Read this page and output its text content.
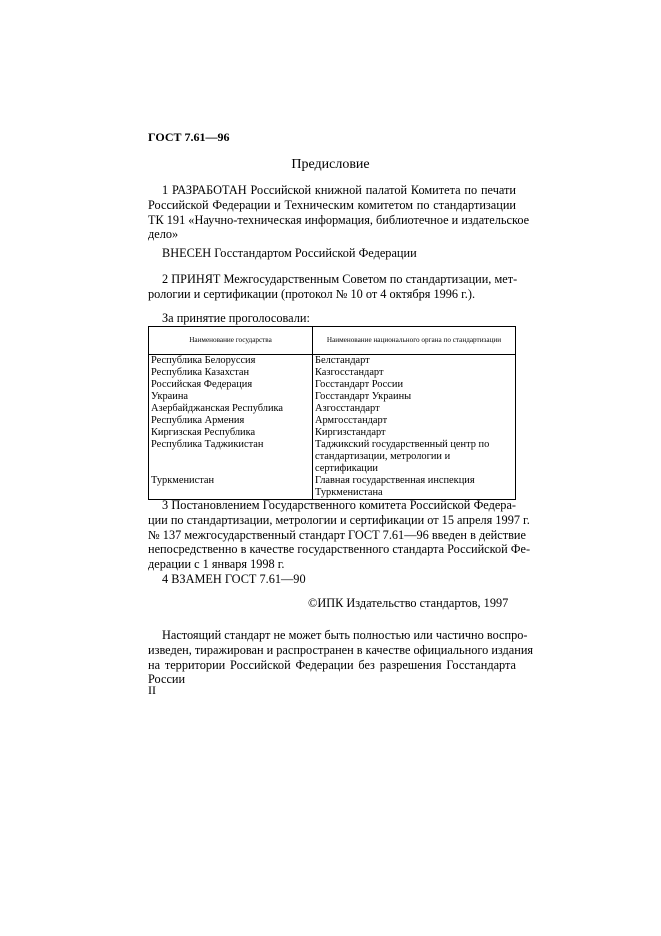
ГОСТ 7.61—96
Предисловие
1 РАЗРАБОТАН Российской книжной палатой Комитета по печати
Российской Федерации и Техническим комитетом по стандартизации
ТК 191 «Научно-техническая информация, библиотечное и издательское
дело»
ВНЕСЕН Госстандартом Российской Федерации
2 ПРИНЯТ Межгосударственным Советом по стандартизации, мет-
рологии и сертификации (протокол № 10 от 4 октября 1996 г.).
За принятие проголосовали:
Наименование государства	Наименование национального органа по стандартизации
Республика Белоруссия	Белстандарт
Республика Казахстан	Казгосстандарт
Российская Федерация	Госстандарт России
Украина	Госстандарт Украины
Азербайджанская Республика	Азгосстандарт
Республика Армения	Армгосстандарт
Киргизская Республика	Киргизстандарт
Республика Таджикистан	Таджикский государственный центр по стандартизации, метрологии и сертификации
Туркменистан	Главная государственная инспекция Туркменистана
3 Постановлением Государственного комитета Российской Федера-
ции по стандартизации, метрологии и сертификации от 15 апреля 1997 г.
№ 137 межгосударственный стандарт ГОСТ 7.61—96 введен в действие
непосредственно в качестве государственного стандарта Российской Фе-
дерации с 1 января 1998 г.
4 ВЗАМЕН ГОСТ 7.61—90
©ИПК Издательство стандартов, 1997
Настоящий стандарт не может быть полностью или частично воспро-
изведен, тиражирован и распространен в качестве официального издания
на территории Российской Федерации без разрешения Госстандарта
России
II
